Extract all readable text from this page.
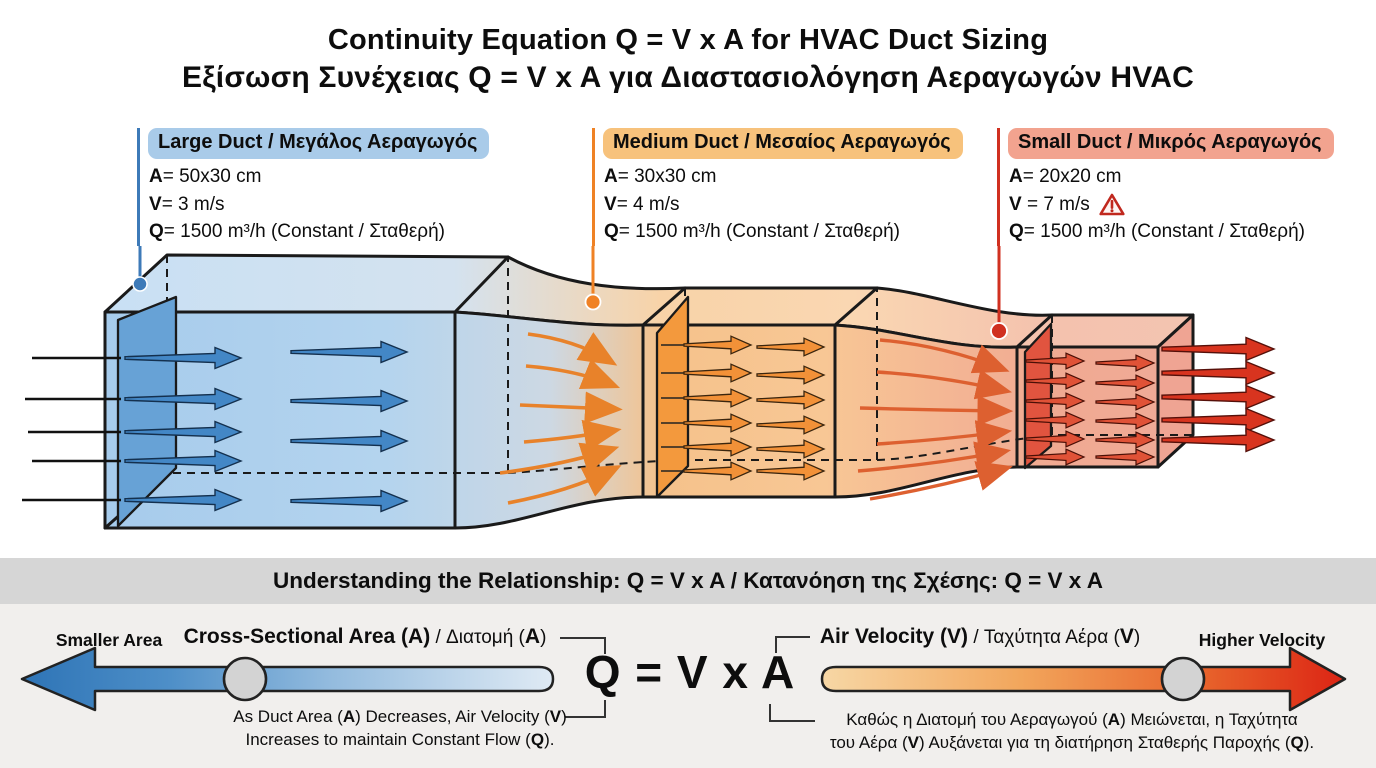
Continuity Equation Q = V x A for HVAC Duct Sizing
Εξίσωση Συνέχειας Q = V x A για Διαστασιολόγηση Αεραγωγών HVAC
Large Duct / Μεγάλος Αεραγωγός
A = 50x30 cm
V = 3 m/s
Q = 1500 m³/h (Constant / Σταθερή)
Medium Duct / Μεσαίος Αεραγωγός
A = 30x30 cm
V = 4 m/s
Q = 1500 m³/h (Constant / Σταθερή)
Small Duct / Μικρός Αεραγωγός
A = 20x20 cm
V = 7 m/s
Q = 1500 m³/h (Constant / Σταθερή)
Understanding the Relationship: Q = V x A / Κατανόηση της Σχέσης: Q = V x A
Smaller Area	Cross-Sectional Area (A) / Διατομή (A)
Q = V x A
Air Velocity (V) / Ταχύτητα Αέρα (V)	Higher Velocity
As Duct Area (A) Decreases, Air Velocity (V)
Increases to maintain Constant Flow (Q).
Καθώς η Διατομή του Αεραγωγού (A) Μειώνεται, η Ταχύτητα
του Αέρα (V) Αυξάνεται για τη διατήρηση Σταθερής Παροχής (Q).
